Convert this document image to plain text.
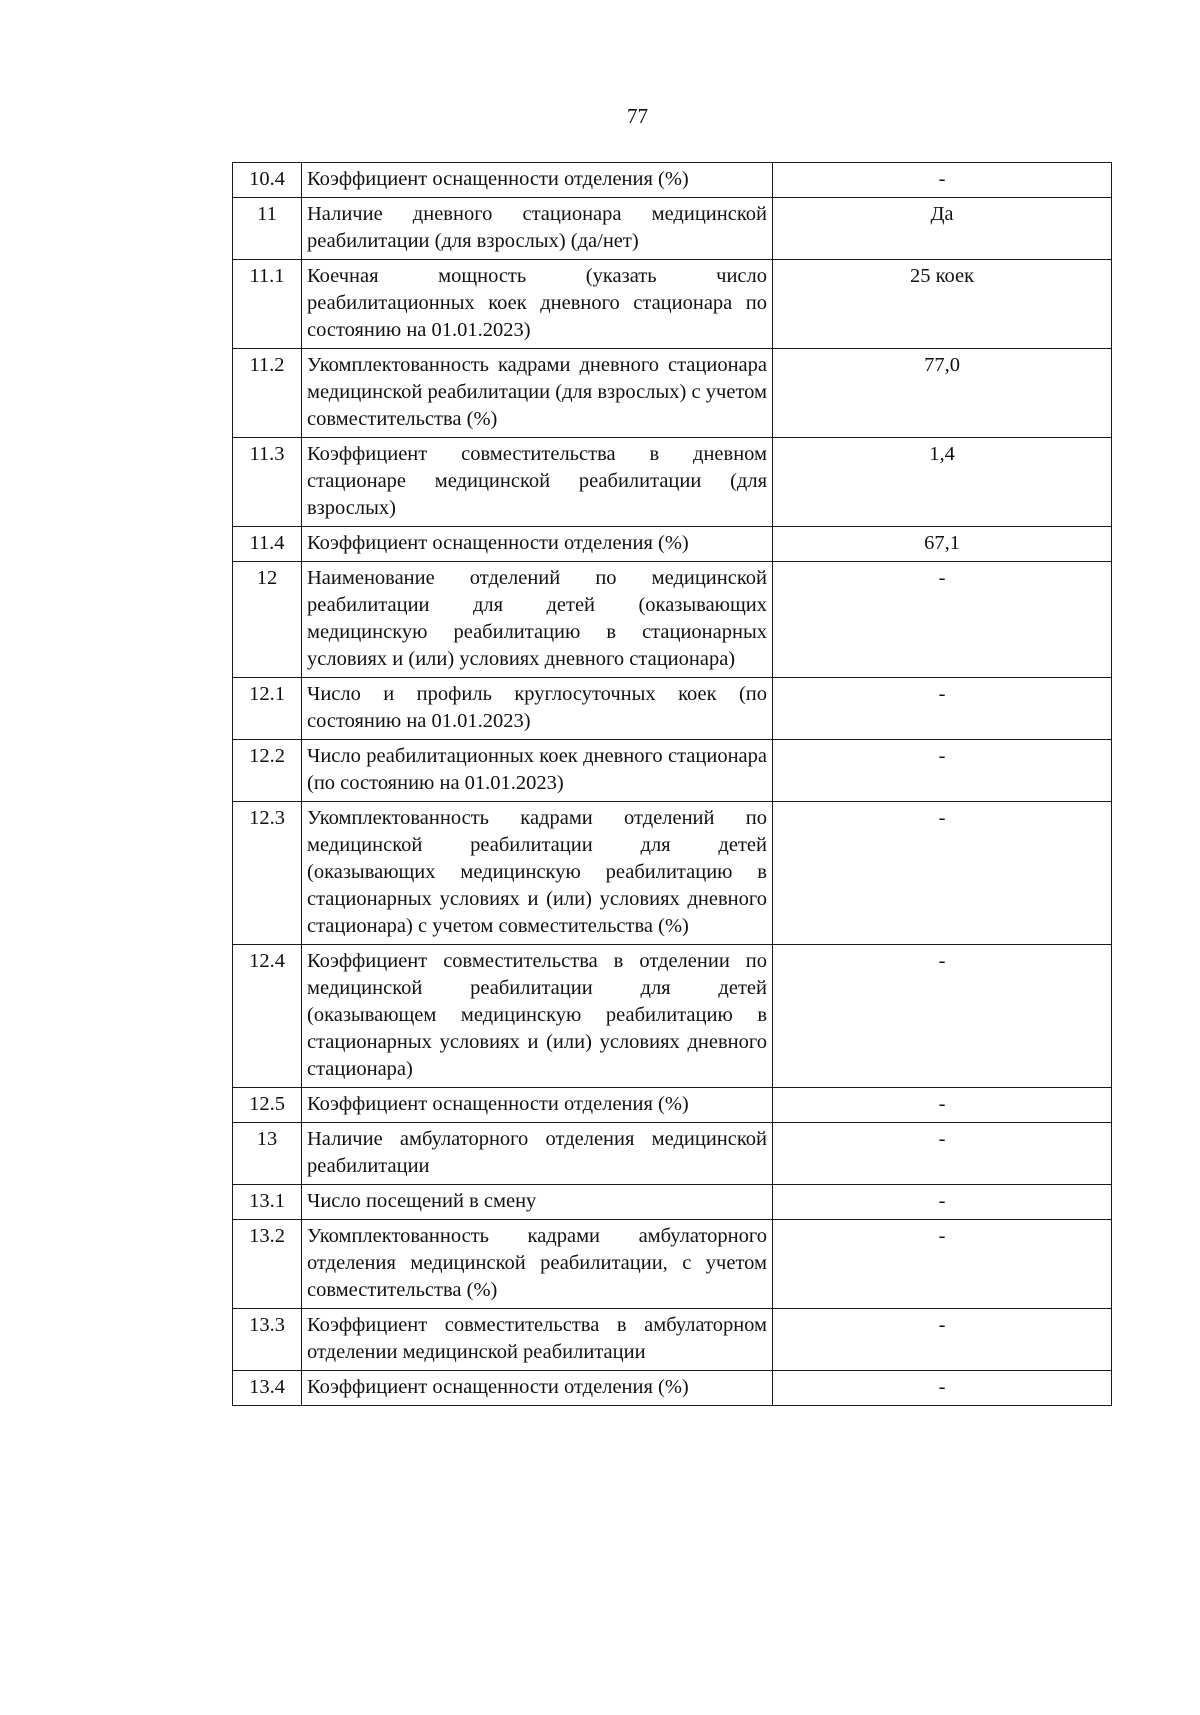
77
10.4	Коэффициент оснащенности отделения (%)	-
11	Наличие дневного стационара медицинской реабилитации (для взрослых) (да/нет)	Да
11.1	Коечная мощность (указать число реабилитационных коек дневного стационара по состоянию на 01.01.2023)	25 коек
11.2	Укомплектованность кадрами дневного стационара медицинской реабилитации (для взрослых) с учетом совместительства (%)	77,0
11.3	Коэффициент совместительства в дневном стационаре медицинской реабилитации (для взрослых)	1,4
11.4	Коэффициент оснащенности отделения (%)	67,1
12	Наименование отделений по медицинской реабилитации для детей (оказывающих медицинскую реабилитацию в стационарных условиях и (или) условиях дневного стационара)	-
12.1	Число и профиль круглосуточных коек (по состоянию на 01.01.2023)	-
12.2	Число реабилитационных коек дневного стационара (по состоянию на 01.01.2023)	-
12.3	Укомплектованность кадрами отделений по медицинской реабилитации для детей (оказывающих медицинскую реабилитацию в стационарных условиях и (или) условиях дневного стационара) с учетом совместительства (%)	-
12.4	Коэффициент совместительства в отделении по медицинской реабилитации для детей (оказывающем медицинскую реабилитацию в стационарных условиях и (или) условиях дневного стационара)	-
12.5	Коэффициент оснащенности отделения (%)	-
13	Наличие амбулаторного отделения медицинской реабилитации	-
13.1	Число посещений в смену	-
13.2	Укомплектованность кадрами амбулаторного отделения медицинской реабилитации, с учетом совместительства (%)	-
13.3	Коэффициент совместительства в амбулаторном отделении медицинской реабилитации	-
13.4	Коэффициент оснащенности отделения (%)	-
